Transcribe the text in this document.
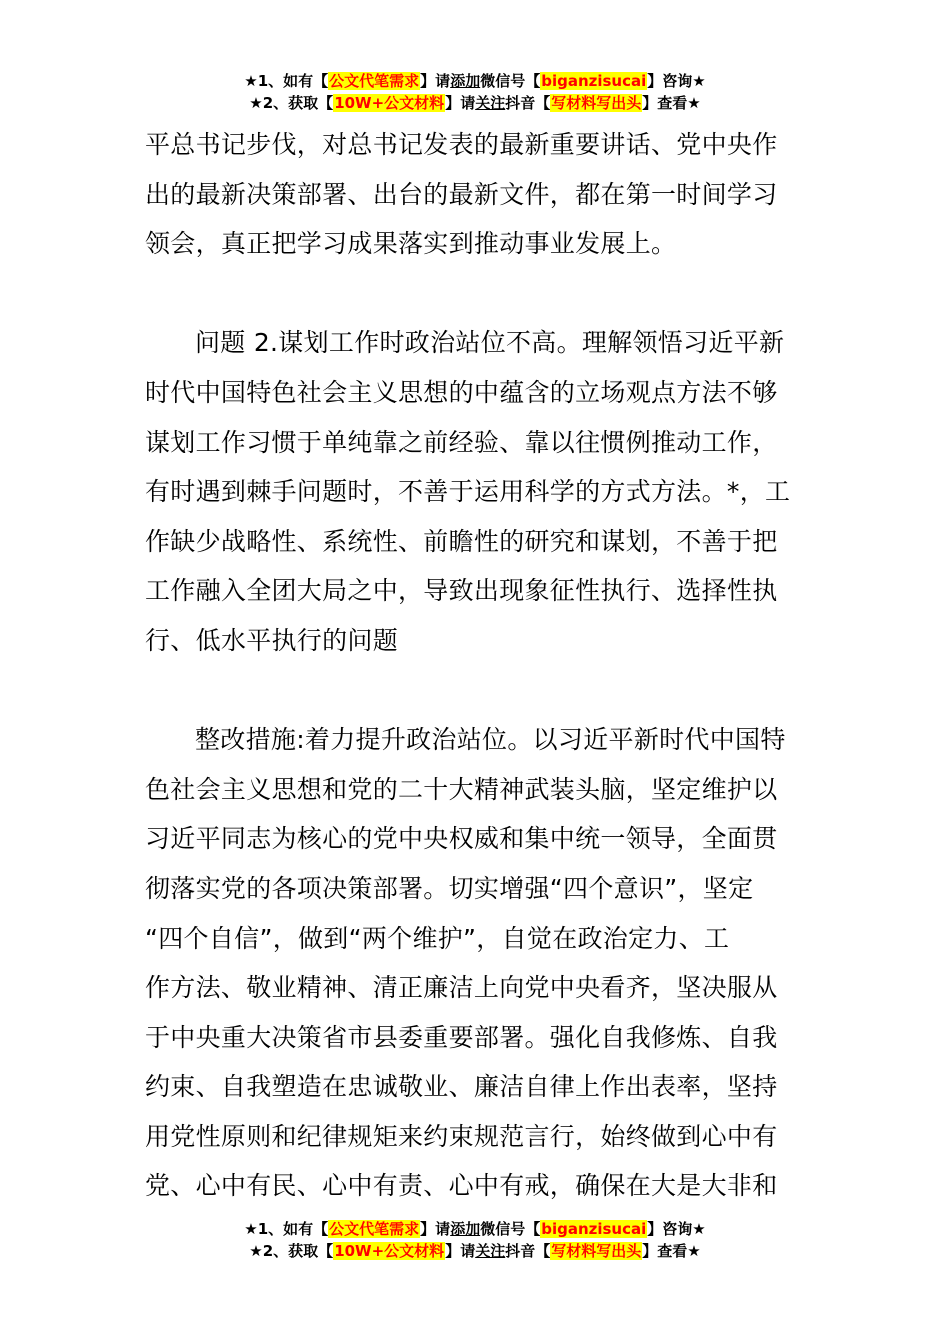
★1、如有【公文代笔需求】请添加微信号【biganzisucai】咨询★
★2、获取【10W+公文材料】请关注抖音【写材料写出头】查看★
平总书记步伐，对总书记发表的最新重要讲话、党中央作
出的最新决策部署、出台的最新文件，都在第一时间学习
领会，真正把学习成果落实到推动事业发展上。
问题 2.谋划工作时政治站位不高。理解领悟习近平新
时代中国特色社会主义思想的中蕴含的立场观点方法不够
谋划工作习惯于单纯靠之前经验、靠以往惯例推动工作，
有时遇到棘手问题时，不善于运用科学的方式方法。*，工
作缺少战略性、系统性、前瞻性的研究和谋划，不善于把
工作融入全团大局之中，导致出现象征性执行、选择性执
行、低水平执行的问题
整改措施:着力提升政治站位。以习近平新时代中国特
色社会主义思想和党的二十大精神武装头脑，坚定维护以
习近平同志为核心的党中央权威和集中统一领导，全面贯
彻落实党的各项决策部署。切实增强“四个意识”，坚定
“四个自信”，做到“两个维护”，自觉在政治定力、工
作方法、敬业精神、清正廉洁上向党中央看齐，坚决服从
于中央重大决策省市县委重要部署。强化自我修炼、自我
约束、自我塑造在忠诚敬业、廉洁自律上作出表率，坚持
用党性原则和纪律规矩来约束规范言行，始终做到心中有
党、心中有民、心中有责、心中有戒，确保在大是大非和
★1、如有【公文代笔需求】请添加微信号【biganzisucai】咨询★
★2、获取【10W+公文材料】请关注抖音【写材料写出头】查看★
